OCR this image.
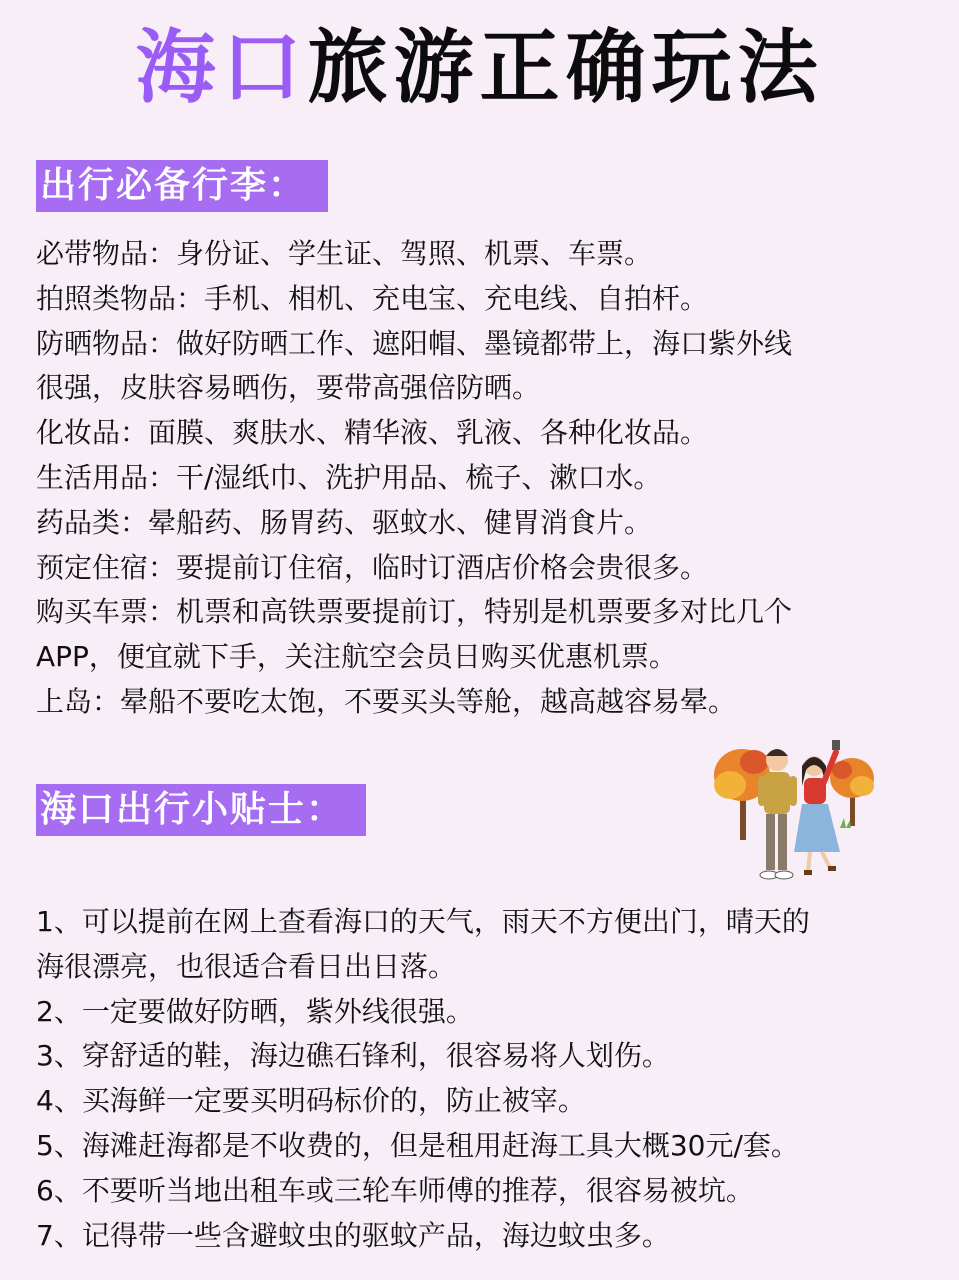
海口旅游正确玩法
出行必备行李：
必带物品：身份证、学生证、驾照、机票、车票。
拍照类物品：手机、相机、充电宝、充电线、自拍杆。
防晒物品：做好防晒工作、遮阳帽、墨镜都带上，海口紫外线
很强，皮肤容易晒伤，要带高强倍防晒。
化妆品：面膜、爽肤水、精华液、乳液、各种化妆品。
生活用品：干/湿纸巾、洗护用品、梳子、漱口水。
药品类：晕船药、肠胃药、驱蚊水、健胃消食片。
预定住宿：要提前订住宿，临时订酒店价格会贵很多。
购买车票：机票和高铁票要提前订，特别是机票要多对比几个
APP，便宜就下手，关注航空会员日购买优惠机票。
上岛：晕船不要吃太饱，不要买头等舱，越高越容易晕。
海口出行小贴士：
1、可以提前在网上查看海口的天气，雨天不方便出门，晴天的
海很漂亮，也很适合看日出日落。
2、一定要做好防晒，紫外线很强。
3、穿舒适的鞋，海边礁石锋利，很容易将人划伤。
4、买海鲜一定要买明码标价的，防止被宰。
5、海滩赶海都是不收费的，但是租用赶海工具大概30元/套。
6、不要听当地出租车或三轮车师傅的推荐，很容易被坑。
7、记得带一些含避蚊虫的驱蚊产品，海边蚊虫多。
